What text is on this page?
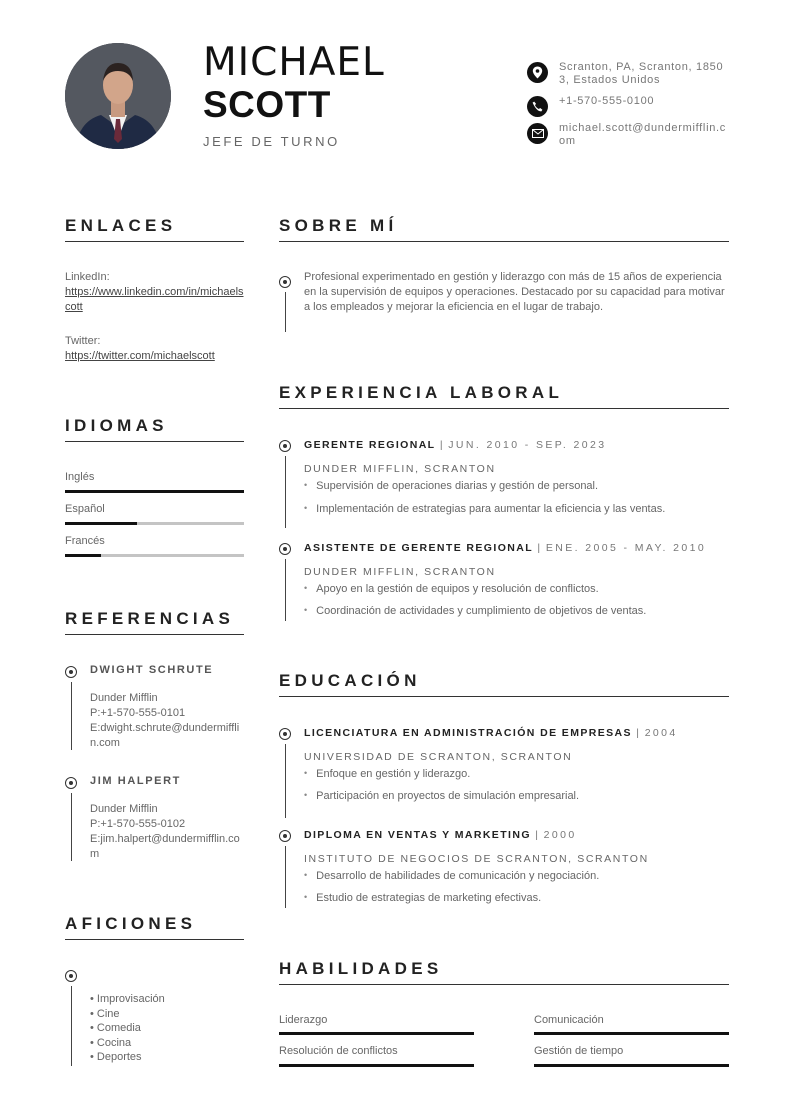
MICHAEL
SCOTT
JEFE DE TURNO
Scranton, PA, Scranton, 18503, Estados Unidos
+1-570-555-0100
michael.scott@dundermifflin.com
ENLACES
LinkedIn:
https://www.linkedin.com/in/michaelscott
Twitter:
https://twitter.com/michaelscott
IDIOMAS
Inglés
Español
Francés
REFERENCIAS
DWIGHT SCHRUTE
Dunder Mifflin
P:+1-570-555-0101
E:dwight.schrute@dundermifflin.com
JIM HALPERT
Dunder Mifflin
P:+1-570-555-0102
E:jim.halpert@dundermifflin.com
AFICIONES
• Improvisación
• Cine
• Comedia
• Cocina
• Deportes
SOBRE MÍ
Profesional experimentado en gestión y liderazgo con más de 15 años de experiencia en la supervisión de equipos y operaciones. Destacado por su capacidad para motivar a los empleados y mejorar la eficiencia en el lugar de trabajo.
EXPERIENCIA LABORAL
GERENTE REGIONAL | JUN. 2010 - SEP. 2023
DUNDER MIFFLIN, SCRANTON
• Supervisión de operaciones diarias y gestión de personal.
• Implementación de estrategias para aumentar la eficiencia y las ventas.
ASISTENTE DE GERENTE REGIONAL | ENE. 2005 - MAY. 2010
DUNDER MIFFLIN, SCRANTON
• Apoyo en la gestión de equipos y resolución de conflictos.
• Coordinación de actividades y cumplimiento de objetivos de ventas.
EDUCACIÓN
LICENCIATURA EN ADMINISTRACIÓN DE EMPRESAS | 2004
UNIVERSIDAD DE SCRANTON, SCRANTON
• Enfoque en gestión y liderazgo.
• Participación en proyectos de simulación empresarial.
DIPLOMA EN VENTAS Y MARKETING | 2000
INSTITUTO DE NEGOCIOS DE SCRANTON, SCRANTON
• Desarrollo de habilidades de comunicación y negociación.
• Estudio de estrategias de marketing efectivas.
HABILIDADES
Liderazgo	Comunicación
Resolución de conflictos	Gestión de tiempo
